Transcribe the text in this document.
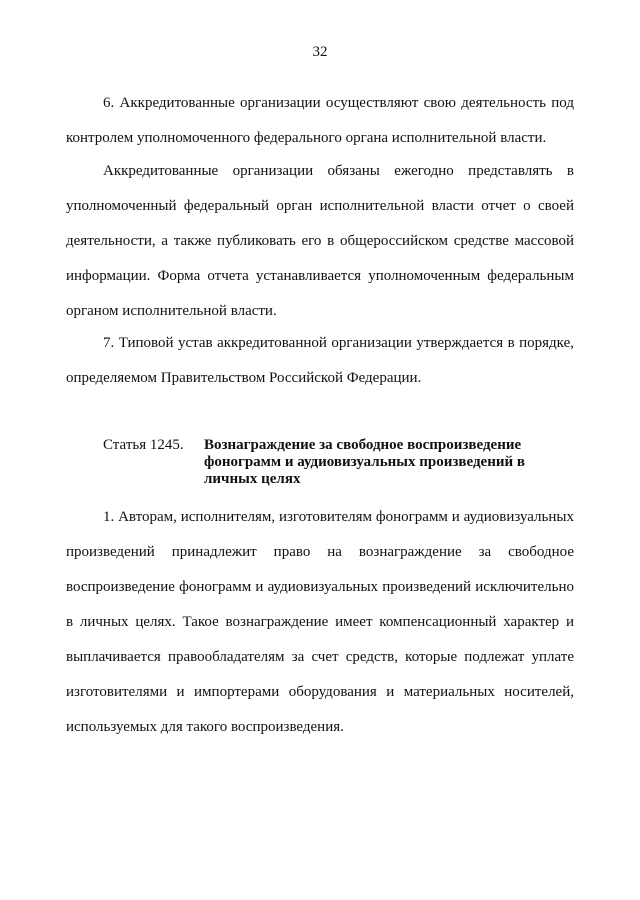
32

6. Аккредитованные организации осуществляют свою деятельность под контролем уполномоченного федерального органа исполнительной власти.

Аккредитованные организации обязаны ежегодно представлять в уполномоченный федеральный орган исполнительной власти отчет о своей деятельности, а также публиковать его в общероссийском средстве массовой информации. Форма отчета устанавливается уполномоченным федеральным органом исполнительной власти.

7. Типовой устав аккредитованной организации утверждается в порядке, определяемом Правительством Российской Федерации.

Статья 1245. Вознаграждение за свободное воспроизведение фонограмм и аудиовизуальных произведений в личных целях

1. Авторам, исполнителям, изготовителям фонограмм и аудиовизуальных произведений принадлежит право на вознаграждение за свободное воспроизведение фонограмм и аудиовизуальных произведений исключительно в личных целях. Такое вознаграждение имеет компенсационный характер и выплачивается правообладателям за счет средств, которые подлежат уплате изготовителями и импортерами оборудования и материальных носителей, используемых для такого воспроизведения.
